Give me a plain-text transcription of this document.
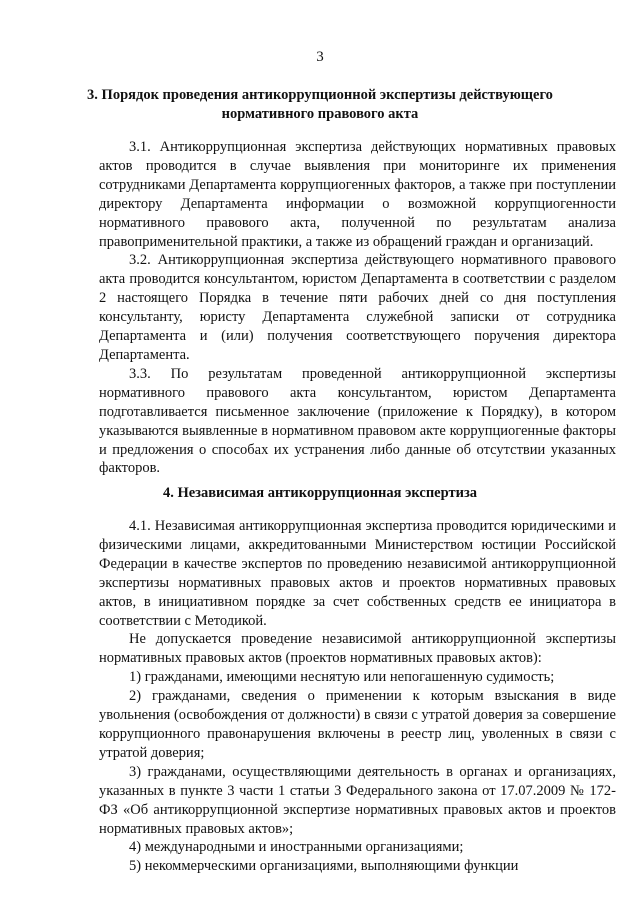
3
3. Порядок проведения антикоррупционной экспертизы действующего нормативного правового акта

3.1. Антикоррупционная экспертиза действующих нормативных правовых актов проводится в случае выявления при мониторинге их применения сотрудниками Департамента коррупциогенных факторов, а также при поступлении директору Департамента информации о возможной коррупциогенности нормативного правового акта, полученной по результатам анализа правоприменительной практики, а также из обращений граждан и организаций.

3.2. Антикоррупционная экспертиза действующего нормативного правового акта проводится консультантом, юристом Департамента в соответствии с разделом 2 настоящего Порядка в течение пяти рабочих дней со дня поступления консультанту, юристу Департамента служебной записки от сотрудника Департамента и (или) получения соответствующего поручения директора Департамента.

3.3. По результатам проведенной антикоррупционной экспертизы нормативного правового акта консультантом, юристом Департамента подготавливается письменное заключение (приложение к Порядку), в котором указываются выявленные в нормативном правовом акте коррупциогенные факторы и предложения о способах их устранения либо данные об отсутствии указанных факторов.

4. Независимая антикоррупционная экспертиза

4.1. Независимая антикоррупционная экспертиза проводится юридическими и физическими лицами, аккредитованными Министерством юстиции Российской Федерации в качестве экспертов по проведению независимой антикоррупционной экспертизы нормативных правовых актов и проектов нормативных правовых актов, в инициативном порядке за счет собственных средств ее инициатора в соответствии с Методикой.

Не допускается проведение независимой антикоррупционной экспертизы нормативных правовых актов (проектов нормативных правовых актов):

1) гражданами, имеющими неснятую или непогашенную судимость;

2) гражданами, сведения о применении к которым взыскания в виде увольнения (освобождения от должности) в связи с утратой доверия за совершение коррупционного правонарушения включены в реестр лиц, уволенных в связи с утратой доверия;

3) гражданами, осуществляющими деятельность в органах и организациях, указанных в пункте 3 части 1 статьи 3 Федерального закона от 17.07.2009 № 172-ФЗ «Об антикоррупционной экспертизе нормативных правовых актов и проектов нормативных правовых актов»;

4) международными и иностранными организациями;

5) некоммерческими организациями, выполняющими функции
